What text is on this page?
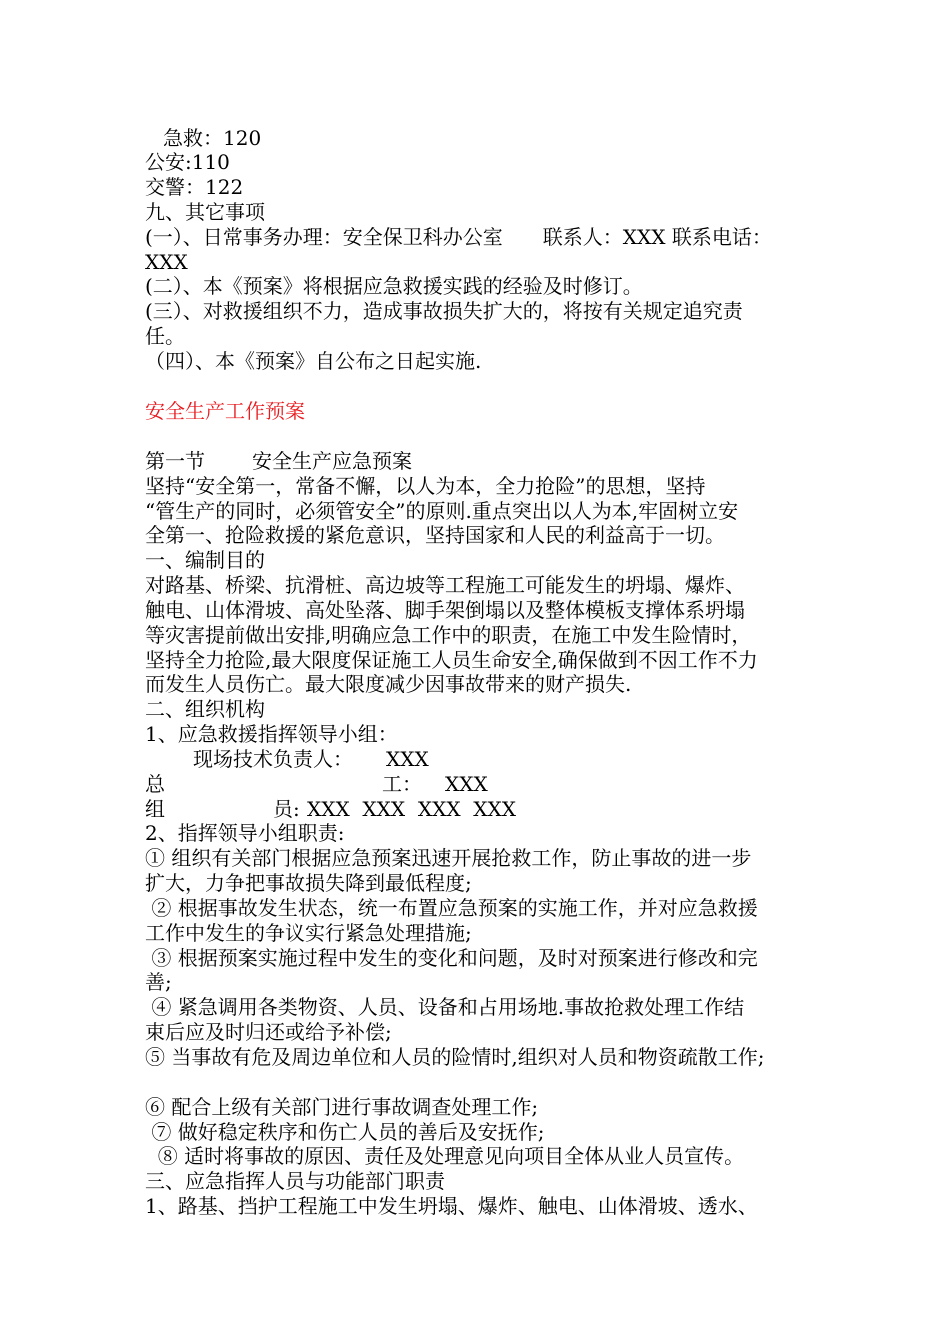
急救：120
公安:110
交警：122
九、其它事项
(一）、日常事务办理：安全保卫科办公室　　联系人：XXX 联系电话：
XXX
(二）、本《预案》将根据应急救援实践的经验及时修订。
(三）、对救援组织不力，造成事故损失扩大的，将按有关规定追究责
任。
（四）、本《预案》自公布之日起实施.
安全生产工作预案
第一节 安全生产应急预案
坚持“安全第一，常备不懈，以人为本，全力抢险”的思想，坚持
“管生产的同时，必须管安全”的原则.重点突出以人为本,牢固树立安
全第一、抢险救援的紧危意识，坚持国家和人民的利益高于一切。
一、编制目的
对路基、桥梁、抗滑桩、高边坡等工程施工可能发生的坍塌、爆炸、
触电、山体滑坡、高处坠落、脚手架倒塌以及整体模板支撑体系坍塌
等灾害提前做出安排,明确应急工作中的职责，在施工中发生险情时，
坚持全力抢险,最大限度保证施工人员生命安全,确保做到不因工作不力
而发生人员伤亡。最大限度减少因事故带来的财产损失.
二、组织机构
1、应急救援指挥领导小组：
现场技术负责人： XXX
总	工： XXX
组	员: XXX  XXX  XXX  XXX
2、指挥领导小组职责:
① 组织有关部门根据应急预案迅速开展抢救工作，防止事故的进一步
扩大，力争把事故损失降到最低程度;
② 根据事故发生状态，统一布置应急预案的实施工作，并对应急救援
工作中发生的争议实行紧急处理措施;
③ 根据预案实施过程中发生的变化和问题，及时对预案进行修改和完
善;
④ 紧急调用各类物资、人员、设备和占用场地.事故抢救处理工作结
束后应及时归还或给予补偿;
⑤ 当事故有危及周边单位和人员的险情时,组织对人员和物资疏散工作;
⑥ 配合上级有关部门进行事故调查处理工作;
⑦ 做好稳定秩序和伤亡人员的善后及安抚作;
⑧ 适时将事故的原因、责任及处理意见向项目全体从业人员宣传。
三、应急指挥人员与功能部门职责
1、路基、挡护工程施工中发生坍塌、爆炸、触电、山体滑坡、透水、
